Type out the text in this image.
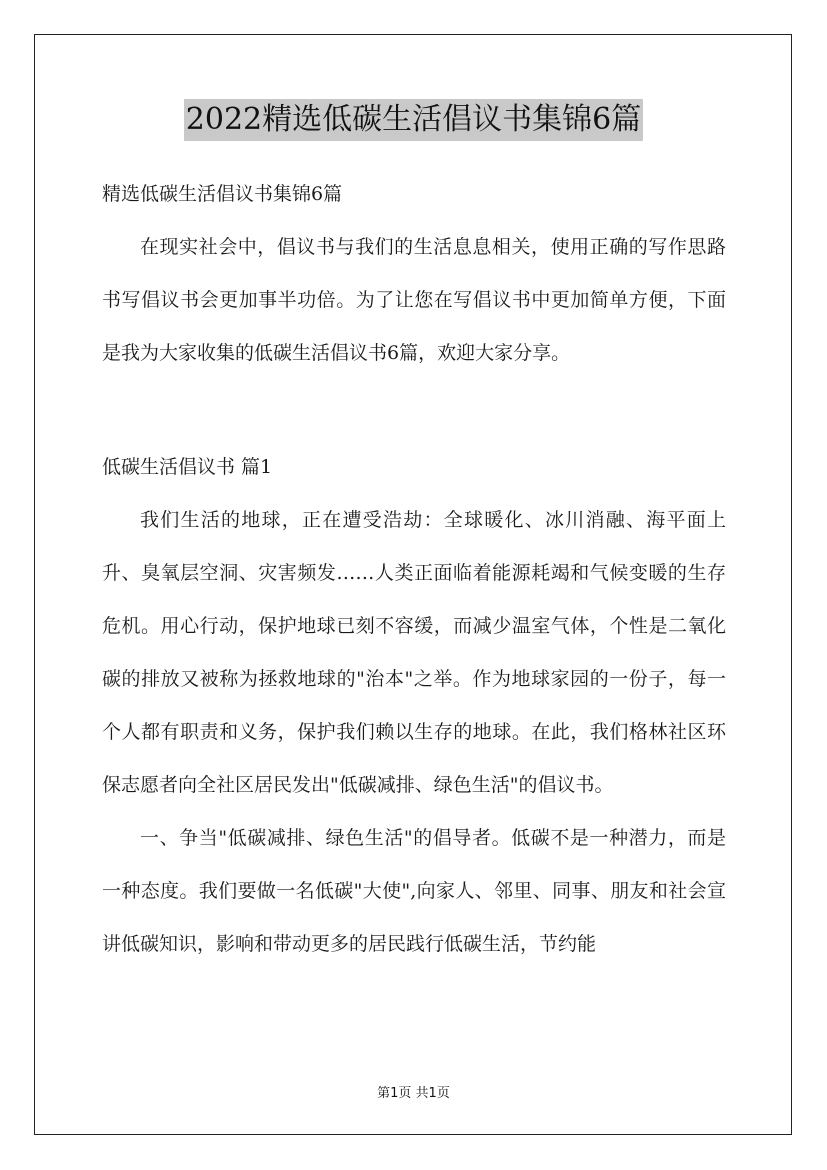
2022精选低碳生活倡议书集锦6篇
精选低碳生活倡议书集锦6篇

在现实社会中，倡议书与我们的生活息息相关，使用正确的写作思路书写倡议书会更加事半功倍。为了让您在写倡议书中更加简单方便，下面是我为大家收集的低碳生活倡议书6篇，欢迎大家分享。

低碳生活倡议书 篇1

我们生活的地球，正在遭受浩劫：全球暖化、冰川消融、海平面上升、臭氧层空洞、灾害频发……人类正面临着能源耗竭和气候变暖的生存危机。用心行动，保护地球已刻不容缓，而减少温室气体，个性是二氧化碳的排放又被称为拯救地球的"治本"之举。作为地球家园的一份子，每一个人都有职责和义务，保护我们赖以生存的地球。在此，我们格林社区环保志愿者向全社区居民发出"低碳减排、绿色生活"的倡议书。

一、争当"低碳减排、绿色生活"的倡导者。低碳不是一种潜力，而是一种态度。我们要做一名低碳"大使",向家人、邻里、同事、朋友和社会宣讲低碳知识，影响和带动更多的居民践行低碳生活，节约能

第1页 共1页
